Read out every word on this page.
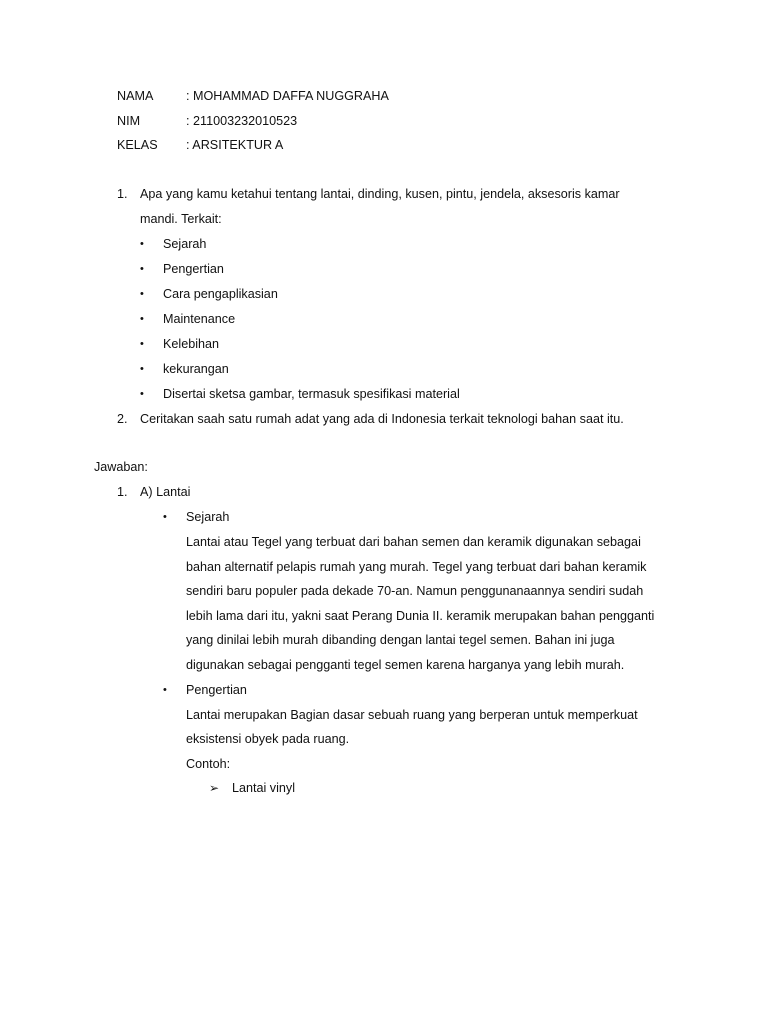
NAMA	: MOHAMMAD DAFFA NUGGRAHA
NIM	: 211003232010523
KELAS : ARSITEKTUR A
1. Apa yang kamu ketahui tentang lantai, dinding, kusen, pintu, jendela, aksesoris kamar
mandi. Terkait:
• Sejarah
• Pengertian
• Cara pengaplikasian
• Maintenance
• Kelebihan
• kekurangan
• Disertai sketsa gambar, termasuk spesifikasi material
2. Ceritakan saah satu rumah adat yang ada di Indonesia terkait teknologi bahan saat itu.
Jawaban:
1. A) Lantai
• Sejarah
Lantai atau Tegel yang terbuat dari bahan semen dan keramik digunakan sebagai
bahan alternatif pelapis rumah yang murah. Tegel yang terbuat dari bahan keramik
sendiri baru populer pada dekade 70-an. Namun penggunanaannya sendiri sudah
lebih lama dari itu, yakni saat Perang Dunia II. keramik merupakan bahan pengganti
yang dinilai lebih murah dibanding dengan lantai tegel semen. Bahan ini juga
digunakan sebagai pengganti tegel semen karena harganya yang lebih murah.
• Pengertian
Lantai merupakan Bagian dasar sebuah ruang yang berperan untuk memperkuat
eksistensi obyek pada ruang.
Contoh:
➢ Lantai vinyl
